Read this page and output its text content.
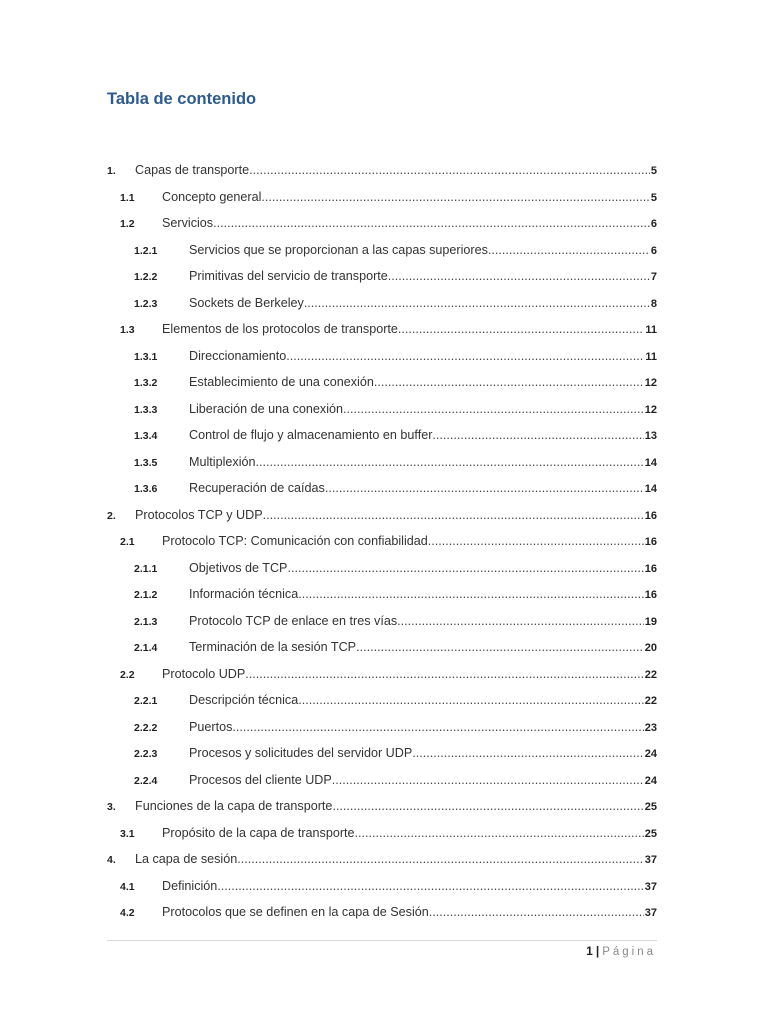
Tabla de contenido
1.	Capas de transporte .....	5
1.1	Concepto general .....	5
1.2	Servicios .....	6
1.2.1	Servicios que se proporcionan a las capas superiores .....	6
1.2.2	Primitivas del servicio de transporte .....	7
1.2.3	Sockets de Berkeley .....	8
1.3	Elementos de los protocolos de transporte .....	11
1.3.1	Direccionamiento .....	11
1.3.2	Establecimiento de una conexión .....	12
1.3.3	Liberación de una conexión .....	12
1.3.4	Control de flujo y almacenamiento en buffer .....	13
1.3.5	Multiplexión .....	14
1.3.6	Recuperación de caídas .....	14
2.	Protocolos TCP y UDP .....	16
2.1	Protocolo TCP: Comunicación con confiabilidad .....	16
2.1.1	Objetivos de TCP .....	16
2.1.2	Información técnica .....	16
2.1.3	Protocolo TCP de enlace en tres vías .....	19
2.1.4	Terminación de la sesión TCP .....	20
2.2	Protocolo UDP .....	22
2.2.1	Descripción técnica .....	22
2.2.2	Puertos .....	23
2.2.3	Procesos y solicitudes del servidor UDP .....	24
2.2.4	Procesos del cliente UDP .....	24
3.	Funciones de la capa de transporte .....	25
3.1	Propósito de la capa de transporte .....	25
4.	La capa de sesión .....	37
4.1	Definición .....	37
4.2	Protocolos que se definen en la capa de Sesión .....	37
1 | Página
